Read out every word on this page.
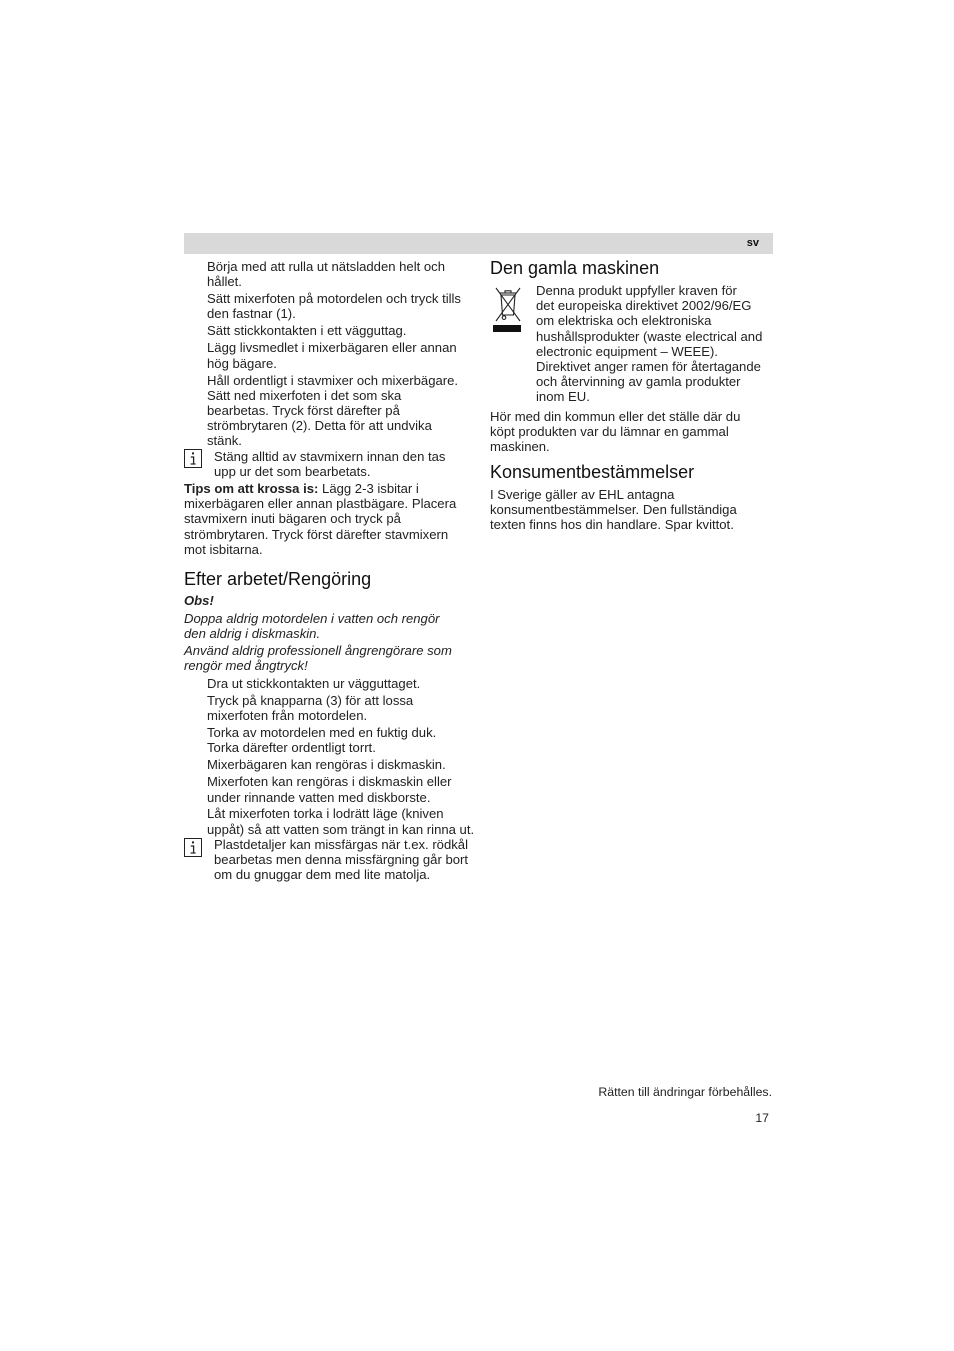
sv
Börja med att rulla ut nätsladden helt och
hållet.
Sätt mixerfoten på motordelen och tryck tills
den fastnar (1).
Sätt stickkontakten i ett vägguttag.
Lägg livsmedlet i mixerbägaren eller annan
hög bägare.
Håll ordentligt i stavmixer och mixerbägare.
Sätt ned mixerfoten i det som ska
bearbetas. Tryck först därefter på
strömbrytaren (2). Detta för att undvika
stänk.
Stäng alltid av stavmixern innan den tas
upp ur det som bearbetats.
Tips om att krossa is: Lägg 2-3 isbitar i
mixerbägaren eller annan plastbägare. Placera
stavmixern inuti bägaren och tryck på
strömbrytaren. Tryck först därefter stavmixern
mot isbitarna.
Efter arbetet/Rengöring
Obs!
Doppa aldrig motordelen i vatten och rengör
den aldrig i diskmaskin.
Använd aldrig professionell ångrengörare som
rengör med ångtryck!
Dra ut stickkontakten ur vägguttaget.
Tryck på knapparna (3) för att lossa
mixerfoten från motordelen.
Torka av motordelen med en fuktig duk.
Torka därefter ordentligt torrt.
Mixerbägaren kan rengöras i diskmaskin.
Mixerfoten kan rengöras i diskmaskin eller
under rinnande vatten med diskborste.
Låt mixerfoten torka i lodrätt läge (kniven
uppåt) så att vatten som trängt in kan rinna ut.
Plastdetaljer kan missfärgas när t.ex. rödkål
bearbetas men denna missfärgning går bort
om du gnuggar dem med lite matolja.
Den gamla maskinen
Denna produkt uppfyller kraven för
det europeiska direktivet 2002/96/EG
om elektriska och elektroniska
hushållsprodukter (waste electrical and
electronic equipment – WEEE).
Direktivet anger ramen för återtagande
och återvinning av gamla produkter
inom EU.
Hör med din kommun eller det ställe där du
köpt produkten var du lämnar en gammal
maskinen.
Konsumentbestämmelser
I Sverige gäller av EHL antagna
konsumentbestämmelser. Den fullständiga
texten finns hos din handlare. Spar kvittot.
Rätten till ändringar förbehålles.
17
